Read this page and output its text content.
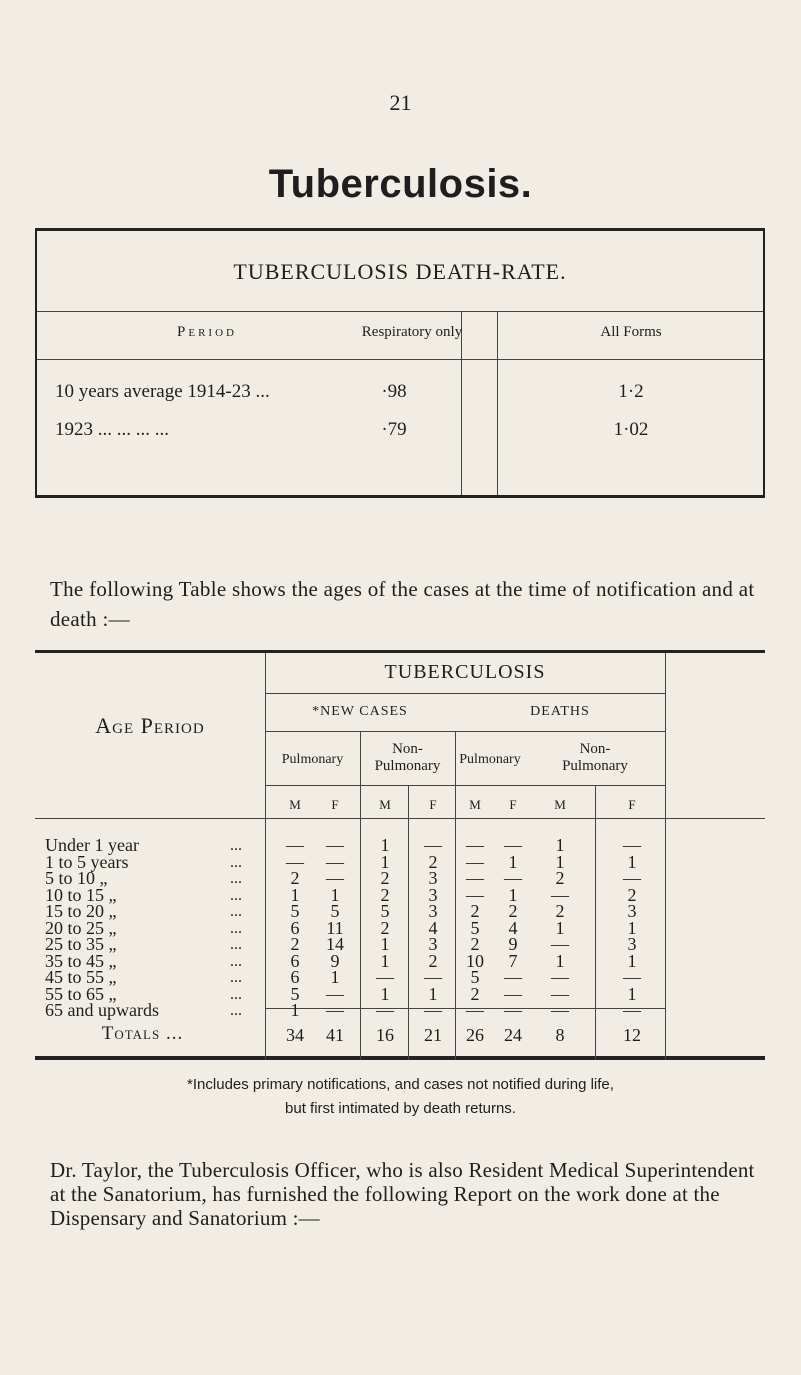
21
Tuberculosis.
TUBERCULOSIS DEATH-RATE.
Period	Respiratory only	All Forms
10 years average 1914-23 ...	·98	1·2
1923 ... ... ... ...	·79	1·02
The following Table shows the ages of the cases at the time of notification and at death :—
TUBERCULOSIS
Age Period
*NEW CASES	DEATHS
Pulmonary
Non-
Pulmonary	Pulmonary
Non-
Pulmonary
M	F	M	F	M	F	M	F
Under 1 year	...	—	—	1	—	—	—	1	—
1 to 5 years	...	—	—	1	2	—	1	1	1
5 to 10 „	...	2	—	2	3	—	—	2	—
10 to 15 „	...	1	1	2	3	—	1	—	2
15 to 20 „	...	5	5	5	3	2	2	2	3
20 to 25 „	...	6	11	2	4	5	4	1	1
25 to 35 „	...	2	14	1	3	2	9	—	3
35 to 45 „	...	6	9	1	2	10	7	1	1
45 to 55 „	...	6	1	—	—	5	—	—	—
55 to 65 „	...	5	—	1	1	2	—	—	1
65 and upwards	...	1	—	—	—	—	—	—	—
Totals ...	34	41	16	21	26	24	8	12
*Includes primary notifications, and cases not notified during life,
but first intimated by death returns.
Dr. Taylor, the Tuberculosis Officer, who is also Resident Medical Superintendent at the Sanatorium, has furnished the following Report on the work done at the Dispensary and Sanatorium :—
